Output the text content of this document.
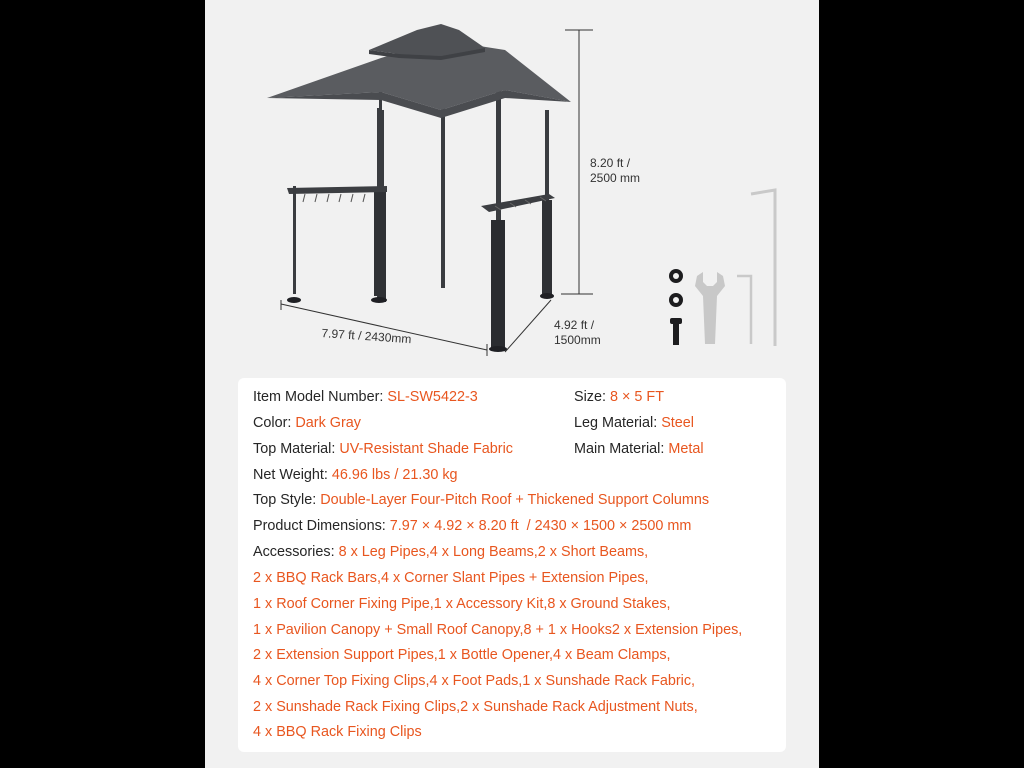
8.20 ft /
2500 mm
4.92 ft /
1500mm
7.97 ft / 2430mm
Item Model Number: SL-SW5422-3	Size: 8 × 5 FT
Color: Dark Gray	Leg Material: Steel
Top Material: UV-Resistant Shade Fabric	Main Material: Metal
Net Weight: 46.96 lbs / 21.30 kg
Top Style: Double-Layer Four-Pitch Roof + Thickened Support Columns
Product Dimensions: 7.97 × 4.92 × 8.20 ft  / 2430 × 1500 × 2500 mm
Accessories: 8 x Leg Pipes,4 x Long Beams,2 x Short Beams,
2 x BBQ Rack Bars,4 x Corner Slant Pipes + Extension Pipes,
1 x Roof Corner Fixing Pipe,1 x Accessory Kit,8 x Ground Stakes,
1 x Pavilion Canopy + Small Roof Canopy,8 + 1 x Hooks2 x Extension Pipes,
2 x Extension Support Pipes,1 x Bottle Opener,4 x Beam Clamps,
4 x Corner Top Fixing Clips,4 x Foot Pads,1 x Sunshade Rack Fabric,
2 x Sunshade Rack Fixing Clips,2 x Sunshade Rack Adjustment Nuts,
4 x BBQ Rack Fixing Clips
